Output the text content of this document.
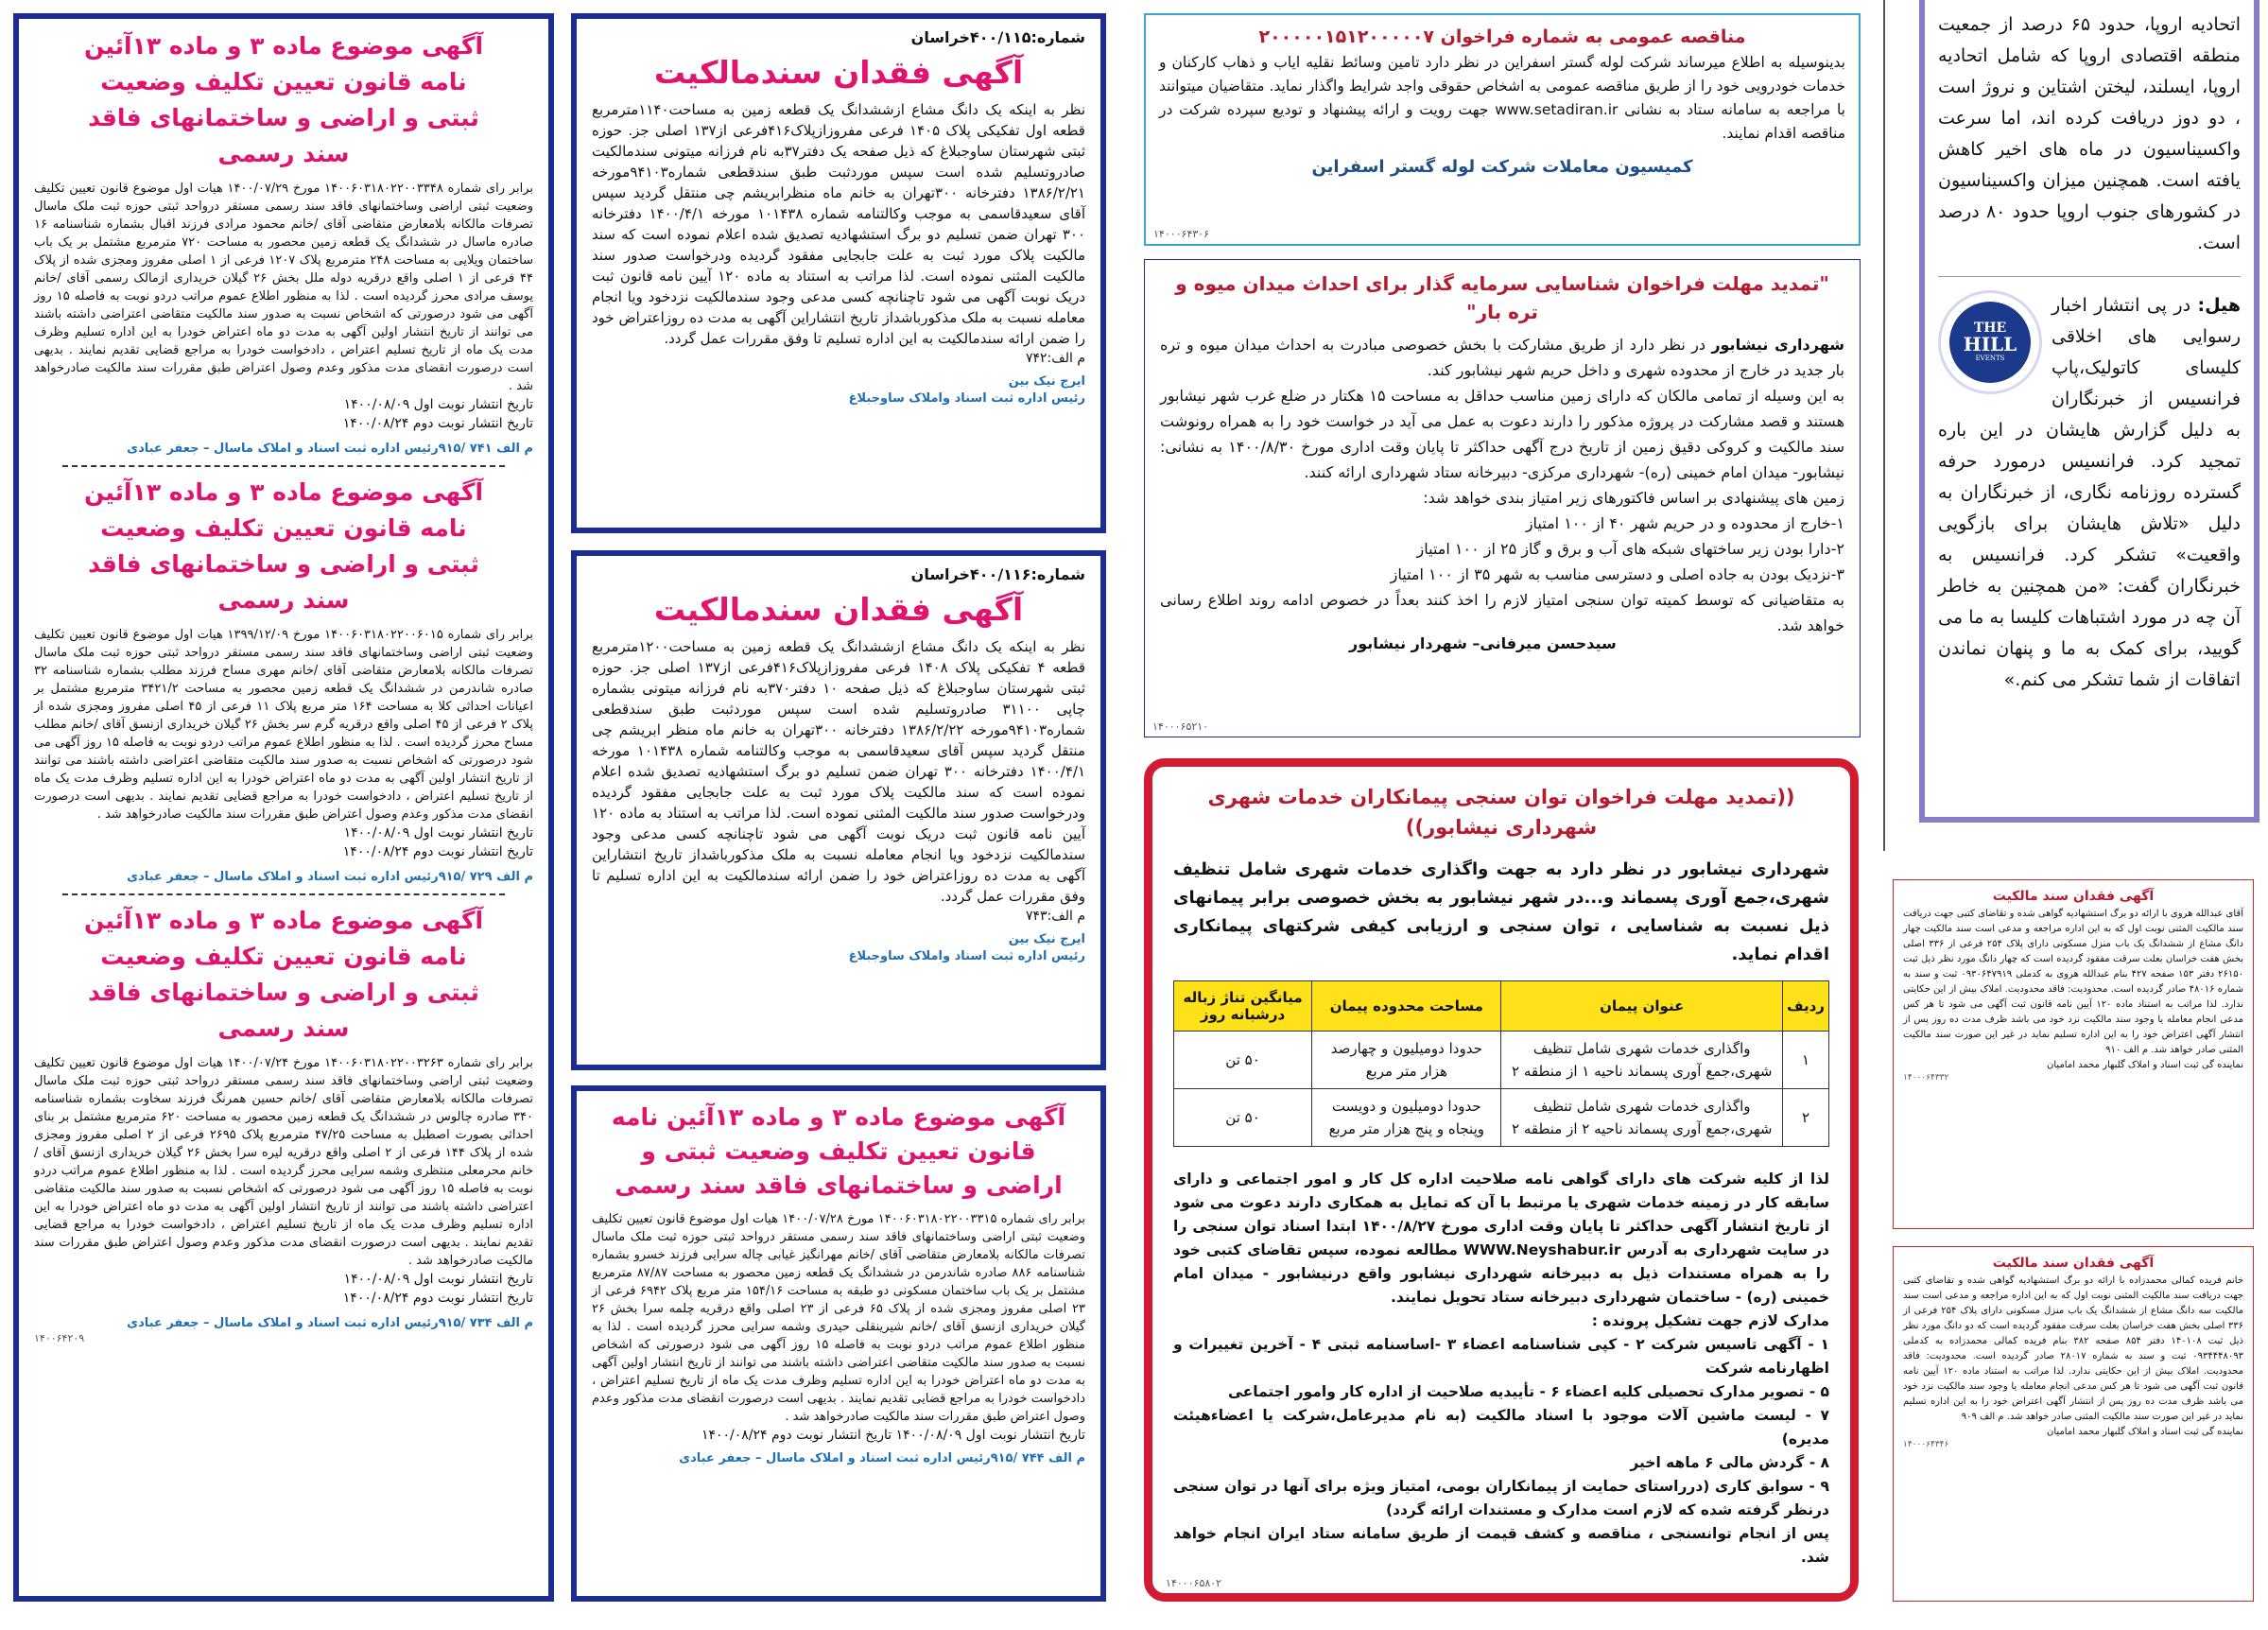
آگهی موضوع ماده ۳ و ماده ۱۳آئین نامه قانون تعیین تکلیف وضعیت ثبتی و اراضی و ساختمانهای فاقد سند رسمی
برابر رای شماره ۱۴۰۰۶۰۳۱۸۰۲۲۰۰۳۳۴۸ مورخ ۱۴۰۰/۰۷/۲۹ هیات اول موضوع قانون تعیین تکلیف وضعیت ثبتی اراضی وساختمانهای فاقد سند رسمی مستقر درواحد ثبتی حوزه ثبت ملک ماسال تصرفات مالکانه بلامعارض متقاضی آقای /خانم محمود مرادی فرزند اقبال بشماره شناسنامه ۱۶ صادره ماسال در ششدانگ یک قطعه زمین محصور به مساحت ۷۲۰ مترمربع مشتمل بر یک باب ساختمان ویلایی به مساحت ۲۴۸ مترمربع پلاک ۱۲۰۷ فرعی از ۱ اصلی مفروز ومجزی شده از پلاک ۴۴ فرعی از ۱ اصلی واقع درقریه دوله ملل بخش ۲۶ گیلان خریداری ازمالک رسمی آقای /خانم یوسف مرادی محرز گردیده است . لذا به منظور اطلاع عموم مراتب دردو نوبت به فاصله ۱۵ روز آگهی می شود درصورتی که اشخاص نسبت به صدور سند مالکیت متقاضی اعتراضی داشته باشند می توانند از تاریخ انتشار اولین آگهی به مدت دو ماه اعتراض خودرا به این اداره تسلیم وظرف مدت یک ماه از تاریخ تسلیم اعتراض ، دادخواست خودرا به مراجع قضایی تقدیم نمایند . بدیهی است درصورت انقضای مدت مذکور وعدم وصول اعتراض طبق مقررات سند مالکیت صادرخواهد شد .
تاریخ انتشار نوبت اول ۱۴۰۰/۰۸/۰۹
تاریخ انتشار نوبت دوم ۱۴۰۰/۰۸/۲۴
م الف ۷۴۱ /۹۱۵رئیس اداره ثبت اسناد و املاک ماسال – جعفر عبادی
آگهی موضوع ماده ۳ و ماده ۱۳آئین نامه قانون تعیین تکلیف وضعیت ثبتی و اراضی و ساختمانهای فاقد سند رسمی
برابر رای شماره ۱۴۰۰۶۰۳۱۸۰۲۲۰۰۶۰۱۵ مورخ ۱۳۹۹/۱۲/۰۹ هیات اول موضوع قانون تعیین تکلیف وضعیت ثبتی اراضی وساختمانهای فاقد سند رسمی مستقر درواحد ثبتی حوزه ثبت ملک ماسال تصرفات مالکانه بلامعارض متقاضی آقای /خانم مهری مساح فرزند مطلب بشماره شناسنامه ۳۲ صادره شاندرمن در ششدانگ یک قطعه زمین محصور به مساحت ۳۴۲۱/۲ مترمربع مشتمل بر اعیانات احداثی کلا به مساحت ۱۶۴ متر مربع پلاک ۱۱ فرعی از ۴۵ اصلی مفروز ومجزی شده از پلاک ۲ فرعی از ۴۵ اصلی واقع درقریه گرم سر بخش ۲۶ گیلان خریداری ازنسق آقای /خانم مطلب مساح محرز گردیده است . لذا به منظور اطلاع عموم مراتب دردو نوبت به فاصله ۱۵ روز آگهی می شود درصورتی که اشخاص نسبت به صدور سند مالکیت متقاضی اعتراضی داشته باشند می توانند از تاریخ انتشار اولین آگهی به مدت دو ماه اعتراض خودرا به این اداره تسلیم وظرف مدت یک ماه از تاریخ تسلیم اعتراض ، دادخواست خودرا به مراجع قضایی تقدیم نمایند . بدیهی است درصورت انقضای مدت مذکور وعدم وصول اعتراض طبق مقررات سند مالکیت صادرخواهد شد .
تاریخ انتشار نوبت اول ۱۴۰۰/۰۸/۰۹
تاریخ انتشار نوبت دوم ۱۴۰۰/۰۸/۲۴
م الف ۷۲۹ /۹۱۵رئیس اداره ثبت اسناد و املاک ماسال – جعفر عبادی
آگهی موضوع ماده ۳ و ماده ۱۳آئین نامه قانون تعیین تکلیف وضعیت ثبتی و اراضی و ساختمانهای فاقد سند رسمی
برابر رای شماره ۱۴۰۰۶۰۳۱۸۰۲۲۰۰۳۲۶۳ مورخ ۱۴۰۰/۰۷/۲۴ هیات اول موضوع قانون تعیین تکلیف وضعیت ثبتی اراضی وساختمانهای فاقد سند رسمی مستقر درواحد ثبتی حوزه ثبت ملک ماسال تصرفات مالکانه بلامعارض متقاضی آقای /خانم حسین همرنگ فرزند سخاوت بشماره شناسنامه ۳۴۰ صادره چالوس در ششدانگ یک قطعه زمین محصور به مساحت ۶۲۰ مترمربع مشتمل بر بنای احداثی بصورت اصطبل به مساحت ۴۷/۲۵ مترمربع پلاک ۲۶۹۵ فرعی از ۲ اصلی مفروز ومجزی شده از پلاک ۱۴۴ فرعی از ۲ اصلی واقع درقریه لیره سرا بخش ۲۶ گیلان خریداری ازنسق آقای /خانم محرمعلی منتظری وشمه سرایی محرز گردیده است . لذا به منظور اطلاع عموم مراتب دردو نوبت به فاصله ۱۵ روز آگهی می شود درصورتی که اشخاص نسبت به صدور سند مالکیت متقاضی اعتراضی داشته باشند می توانند از تاریخ انتشار اولین آگهی به مدت دو ماه اعتراض خودرا به این اداره تسلیم وظرف مدت یک ماه از تاریخ تسلیم اعتراض ، دادخواست خودرا به مراجع قضایی تقدیم نمایند . بدیهی است درصورت انقضای مدت مذکور وعدم وصول اعتراض طبق مقررات سند مالکیت صادرخواهد شد .
تاریخ انتشار نوبت اول ۱۴۰۰/۰۸/۰۹
تاریخ انتشار نوبت دوم ۱۴۰۰/۰۸/۲۴
م الف ۷۳۴ /۹۱۵رئیس اداره ثبت اسناد و املاک ماسال – جعفر عبادی
۱۴۰۰۶۴۲۰۹
شماره:۴۰۰/۱۱۵خراسان
آگهی فقدان سندمالکیت
نظر به اینکه یک دانگ مشاع ازششدانگ یک قطعه زمین به مساحت۱۱۴۰مترمربع قطعه اول تفکیکی پلاک ۱۴۰۵ فرعی مفروزازپلاک۴۱۶فرعی از۱۳۷ اصلی جز. حوزه ثبتی شهرستان ساوجبلاغ که ذیل صفحه یک دفتر۳۷به نام فرزانه میتونی سندمالکیت صادروتسلیم شده است سپس موردثبت طبق سندقطعی شماره۹۴۱۰۳مورخه ۱۳۸۶/۲/۲۱ دفترخانه ۳۰۰تهران به خانم ماه منظرابریشم چی منتقل گردید سپس آقای سعیدقاسمی به موجب وکالتنامه شماره ۱۰۱۴۳۸ مورخه ۱۴۰۰/۴/۱ دفترخانه ۳۰۰ تهران ضمن تسلیم دو برگ استشهادیه تصدیق شده اعلام نموده است که سند مالکیت پلاک مورد ثبت به علت جابجایی مفقود گردیده ودرخواست صدور سند مالکیت المثنی نموده است. لذا مراتب به استناد به ماده ۱۲۰ آیین نامه قانون ثبت دریک نوبت آگهی می شود تاچنانچه کسی مدعی وجود سندمالکیت نزدخود ویا انجام معامله نسبت به ملک مذکورباشداز تاریخ انتشاراین آگهی به مدت ده روزاعتراض خود را ضمن ارائه سندمالکیت به این اداره تسلیم تا وفق مقررات عمل گردد.
م الف:۷۴۲
ایرج نیک بین
رئیس اداره ثبت اسناد واملاک ساوجبلاغ
شماره:۴۰۰/۱۱۶خراسان
آگهی فقدان سندمالکیت
نظر به اینکه یک دانگ مشاع ازششدانگ یک قطعه زمین به مساحت۱۲۰۰مترمربع قطعه ۴ تفکیکی پلاک ۱۴۰۸ فرعی مفروزازپلاک۴۱۶فرعی از۱۳۷ اصلی جز. حوزه ثبتی شهرستان ساوجبلاغ که ذیل صفحه ۱۰ دفتر۳۷۰به نام فرزانه میتونی بشماره چاپی ۳۱۱۰۰ صادروتسلیم شده است سپس موردثبت طبق سندقطعی شماره۹۴۱۰۳مورخه ۱۳۸۶/۲/۲۲ دفترخانه ۳۰۰تهران به خانم ماه منظر ابریشم چی منتقل گردید سپس آقای سعیدقاسمی به موجب وکالتنامه شماره ۱۰۱۴۳۸ مورخه ۱۴۰۰/۴/۱ دفترخانه ۳۰۰ تهران ضمن تسلیم دو برگ استشهادیه تصدیق شده اعلام نموده است که سند مالکیت پلاک مورد ثبت به علت جابجایی مفقود گردیده ودرخواست صدور سند مالکیت المثنی نموده است. لذا مراتب به استناد به ماده ۱۲۰ آیین نامه قانون ثبت دریک نوبت آگهی می شود تاچنانچه کسی مدعی وجود سندمالکیت نزدخود ویا انجام معامله نسبت به ملک مذکورباشداز تاریخ انتشاراین آگهی به مدت ده روزاعتراض خود را ضمن ارائه سندمالکیت به این اداره تسلیم تا وفق مقررات عمل گردد.
م الف:۷۴۳
ایرج نیک بین
رئیس اداره ثبت اسناد واملاک ساوجبلاغ
آگهی موضوع ماده ۳ و ماده ۱۳آئین نامه قانون تعیین تکلیف وضعیت ثبتی و اراضی و ساختمانهای فاقد سند رسمی
برابر رای شماره ۱۴۰۰۶۰۳۱۸۰۲۲۰۰۳۳۱۵ مورخ ۱۴۰۰/۰۷/۲۸ هیات اول موضوع قانون تعیین تکلیف وضعیت ثبتی اراضی وساختمانهای فاقد سند رسمی مستقر درواحد ثبتی حوزه ثبت ملک ماسال تصرفات مالکانه بلامعارض متقاضی آقای /خانم مهرانگیز غیابی چاله سرایی فرزند خسرو بشماره شناسنامه ۸۸۶ صادره شاندرمن در ششدانگ یک قطعه زمین محصور به مساحت ۸۷/۸۷ مترمربع مشتمل بر یک باب ساختمان مسکونی دو طبقه به مساحت ۱۵۴/۱۶ متر مربع پلاک ۶۹۴۲ فرعی از ۲۳ اصلی مفروز ومجزی شده از پلاک ۶۵ فرعی از ۲۳ اصلی واقع درقریه چلمه سرا بخش ۲۶ گیلان خریداری ازنسق آقای /خانم شیرینقلی حیدری وشمه سرایی محرز گردیده است . لذا به منظور اطلاع عموم مراتب دردو نوبت به فاصله ۱۵ روز آگهی می شود درصورتی که اشخاص نسبت به صدور سند مالکیت متقاضی اعتراضی داشته باشند می توانند از تاریخ انتشار اولین آگهی به مدت دو ماه اعتراض خودرا به این اداره تسلیم وظرف مدت یک ماه از تاریخ تسلیم اعتراض ، دادخواست خودرا به مراجع قضایی تقدیم نمایند . بدیهی است درصورت انقضای مدت مذکور وعدم وصول اعتراض طبق مقررات سند مالکیت صادرخواهد شد .
تاریخ انتشار نوبت اول ۱۴۰۰/۰۸/۰۹ تاریخ انتشار نوبت دوم ۱۴۰۰/۰۸/۲۴
م الف ۷۴۴ /۹۱۵رئیس اداره ثبت اسناد و املاک ماسال – جعفر عبادی
مناقصه عمومی به شماره فراخوان ۲۰۰۰۰۰۱۵۱۲۰۰۰۰۰۷
بدینوسیله به اطلاع میرساند شرکت لوله گستر اسفراین در نظر دارد تامین وسائط نقلیه ایاب و ذهاب کارکنان و خدمات خودرویی خود را از طریق مناقصه عمومی به اشخاص حقوقی واجد شرایط واگذار نماید. متقاضیان میتوانند با مراجعه به سامانه ستاد به نشانی www.setadiran.ir جهت رویت و ارائه پیشنهاد و تودیع سپرده شرکت در مناقصه اقدام نمایند.
کمیسیون معاملات شرکت لوله گستر اسفراین
۱۴۰۰۰۶۴۳۰۶
"تمدید مهلت فراخوان شناسایی سرمایه گذار برای احداث میدان میوه و تره بار"
شهرداری نیشابور در نظر دارد از طریق مشارکت با بخش خصوصی مبادرت به احداث میدان میوه و تره بار جدید در خارج از محدوده شهری و داخل حریم شهر نیشابور کند.
به این وسیله از تمامی مالکان که دارای زمین مناسب حداقل به مساحت ۱۵ هکتار در ضلع غرب شهر نیشابور هستند و قصد مشارکت در پروژه مذکور را دارند دعوت به عمل می آید در خواست خود را به همراه رونوشت سند مالکیت و کروکی دقیق زمین از تاریخ درج آگهی حداکثر تا پایان وقت اداری مورخ ۱۴۰۰/۸/۳۰ به نشانی: نیشابور- میدان امام خمینی (ره)- شهرداری مرکزی- دبیرخانه ستاد شهرداری ارائه کنند.
زمین های پیشنهادی بر اساس فاکتورهای زیر امتیاز بندی خواهد شد:
۱-خارج از محدوده و در حریم شهر ۴۰ از ۱۰۰ امتیاز
۲-دارا بودن زیر ساختهای شبکه های آب و برق و گاز ۲۵ از ۱۰۰ امتیاز
۳-نزدیک بودن به جاده اصلی و دسترسی مناسب به شهر ۳۵ از ۱۰۰ امتیاز
به متقاضیانی که توسط کمیته توان سنجی امتیاز لازم را اخذ کنند بعداً در خصوص ادامه روند اطلاع رسانی خواهد شد.
سیدحسن میرفانی– شهردار نیشابور
۱۴۰۰۰۶۵۲۱۰
((تمدید مهلت فراخوان توان سنجی پیمانکاران خدمات شهری شهرداری نیشابور))
شهرداری نیشابور در نظر دارد به جهت واگذاری خدمات شهری شامل تنظیف شهری،جمع آوری پسماند و...در شهر نیشابور به بخش خصوصی برابر پیمانهای ذیل نسبت به شناسایی ، توان سنجی و ارزیابی کیفی شرکتهای پیمانکاری اقدام نماید.
ردیف	عنوان پیمان	مساحت محدوده پیمان	میانگین تناژ زباله درشبانه روز
۱	واگذاری خدمات شهری شامل تنظیف شهری،جمع آوری پسماند ناحیه ۱ از منطقه ۲	حدودا دومیلیون و چهارصد هزار متر مربع	۵۰ تن
۲	واگذاری خدمات شهری شامل تنظیف شهری،جمع آوری پسماند ناحیه ۲ از منطقه ۲	حدودا دومیلیون و دویست وپنجاه و پنج هزار متر مربع	۵۰ تن
لذا از کلیه شرکت های دارای گواهی نامه صلاحیت اداره کل کار و امور اجتماعی و دارای سابقه کار در زمینه خدمات شهری یا مرتبط با آن که تمایل به همکاری دارند دعوت می شود از تاریخ انتشار آگهی حداکثر تا پایان وقت اداری مورخ ۱۴۰۰/۸/۲۷ ابتدا اسناد توان سنجی را در سایت شهرداری به آدرس WWW.Neyshabur.ir مطالعه نموده، سپس تقاضای کتبی خود را به همراه مستندات ذیل به دبیرخانه شهرداری نیشابور واقع درنیشابور - میدان امام خمینی (ره) - ساختمان شهرداری دبیرخانه ستاد تحویل نمایند.
مدارک لازم جهت تشکیل پرونده :
۱ - آگهی تاسیس شرکت ۲ - کپی شناسنامه اعضاء ۳ -اساسنامه ثبتی ۴ - آخرین تغییرات و اظهارنامه شرکت
۵ - تصویر مدارک تحصیلی کلیه اعضاء ۶ - تأییدیه صلاحیت از اداره کار وامور اجتماعی
۷ - لیست ماشین آلات موجود با اسناد مالکیت (به نام مدیرعامل،شرکت یا اعضاءهیئت مدیره)
۸ - گردش مالی ۶ ماهه اخیر
۹ - سوابق کاری (درراستای حمایت از پیمانکاران بومی، امتیاز ویژه برای آنها در توان سنجی درنظر گرفته شده که لازم است مدارک و مستندات ارائه گردد)
پس از انجام توانسنجی ، مناقصه و کشف قیمت از طریق سامانه ستاد ایران انجام خواهد شد.
۱۴۰۰۰۶۵۸۰۲
اتحادیه اروپا، حدود ۶۵ درصد از جمعیت منطقه اقتصادی اروپا که شامل اتحادیه اروپا، ایسلند، لیختن اشتاین و نروژ است ، دو دوز دریافت کرده اند، اما سرعت واکسیناسیون در ماه های اخیر کاهش یافته است. همچنین میزان واکسیناسیون در کشورهای جنوب اروپا حدود ۸۰ درصد است.
THE
HILL
EVENTS
هیل: در پی انتشار اخبار رسوایی های اخلاقی کلیسای کاتولیک،پاپ فرانسیس از خبرنگاران به دلیل گزارش هایشان در این باره تمجید کرد. فرانسیس درمورد حرفه گسترده روزنامه نگاری، از خبرنگاران به دلیل «تلاش هایشان برای بازگویی واقعیت» تشکر کرد. فرانسیس به خبرنگاران گفت: «من همچنین به خاطر آن چه در مورد اشتباهات کلیسا به ما می گویید، برای کمک به ما و پنهان نماندن اتفاقات از شما تشکر می کنم.»
آگهی فقدان سند مالکیت
آقای عبدالله هروی با ارائه دو برگ استشهادیه گواهی شده و تقاضای کتبی جهت دریافت سند مالکیت المثنی نوبت اول که به این اداره مراجعه و مدعی است سند مالکیت چهار دانگ مشاع از ششدانگ یک باب منزل مسکونی دارای پلاک ۲۵۴ فرعی از ۳۳۶ اصلی بخش هفت خراسان بعلت سرقت مفقود گردیده است که چهار دانگ مورد نظر ذیل ثبت ۲۶۱۵۰ دفتر ۱۵۳ صفحه ۴۲۷ بنام عبدالله هروی به کدملی ۰۹۳۰۶۴۷۹۱۹ ثبت و سند به شماره ۴۸۰۱۶ صادر گردیده است. محدودیت: فاقد محدودیت. املاک بیش از این حکایتی ندارد. لذا مراتب به استناد ماده ۱۲۰ آیین نامه قانون ثبت آگهی می شود تا هر کس مدعی انجام معامله یا وجود سند مالکیت نزد خود می باشد ظرف مدت ده روز پس از انتشار آگهی اعتراض خود را به این اداره تسلیم نماید در غیر این صورت سند مالکیت المثنی صادر خواهد شد. م الف ۹۱۰
نماینده گی ثبت اسناد و املاک گلبهار محمد امامیان
۱۴۰۰۰۶۴۳۳۲
آگهی فقدان سند مالکیت
خانم فریده کمالی محمدزاده با ارائه دو برگ استشهادیه گواهی شده و تقاضای کتبی جهت دریافت سند مالکیت المثنی نوبت اول که به این اداره مراجعه و مدعی است سند مالکیت سه دانگ مشاع از ششدانگ یک باب منزل مسکونی دارای پلاک ۲۵۴ فرعی از ۳۳۶ اصلی بخش هفت خراسان بعلت سرقت مفقود گردیده است که دو دانگ مورد نظر ذیل ثبت ۱۴۰۱۰۸ دفتر ۸۵۴ صفحه ۳۸۲ بنام فریده کمالی محمدزاده به کدملی ۰۹۳۴۴۴۸۰۹۳ ثبت و سند به شماره ۲۸۰۱۷ صادر گردیده است. محدودیت: فاقد محدودیت. املاک بیش از این حکایتی ندارد. لذا مراتب به استناد ماده ۱۲۰ آیین نامه قانون ثبت آگهی می شود تا هر کس مدعی انجام معامله یا وجود سند مالکیت نزد خود می باشد ظرف مدت ده روز پس از انتشار آگهی اعتراض خود را به این اداره تسلیم نماید در غیر این صورت سند مالکیت المثنی صادر خواهد شد. م الف ۹۰۹
نماینده گی ثبت اسناد و املاک گلبهار محمد امامیان
۱۴۰۰۰۶۴۳۴۶
